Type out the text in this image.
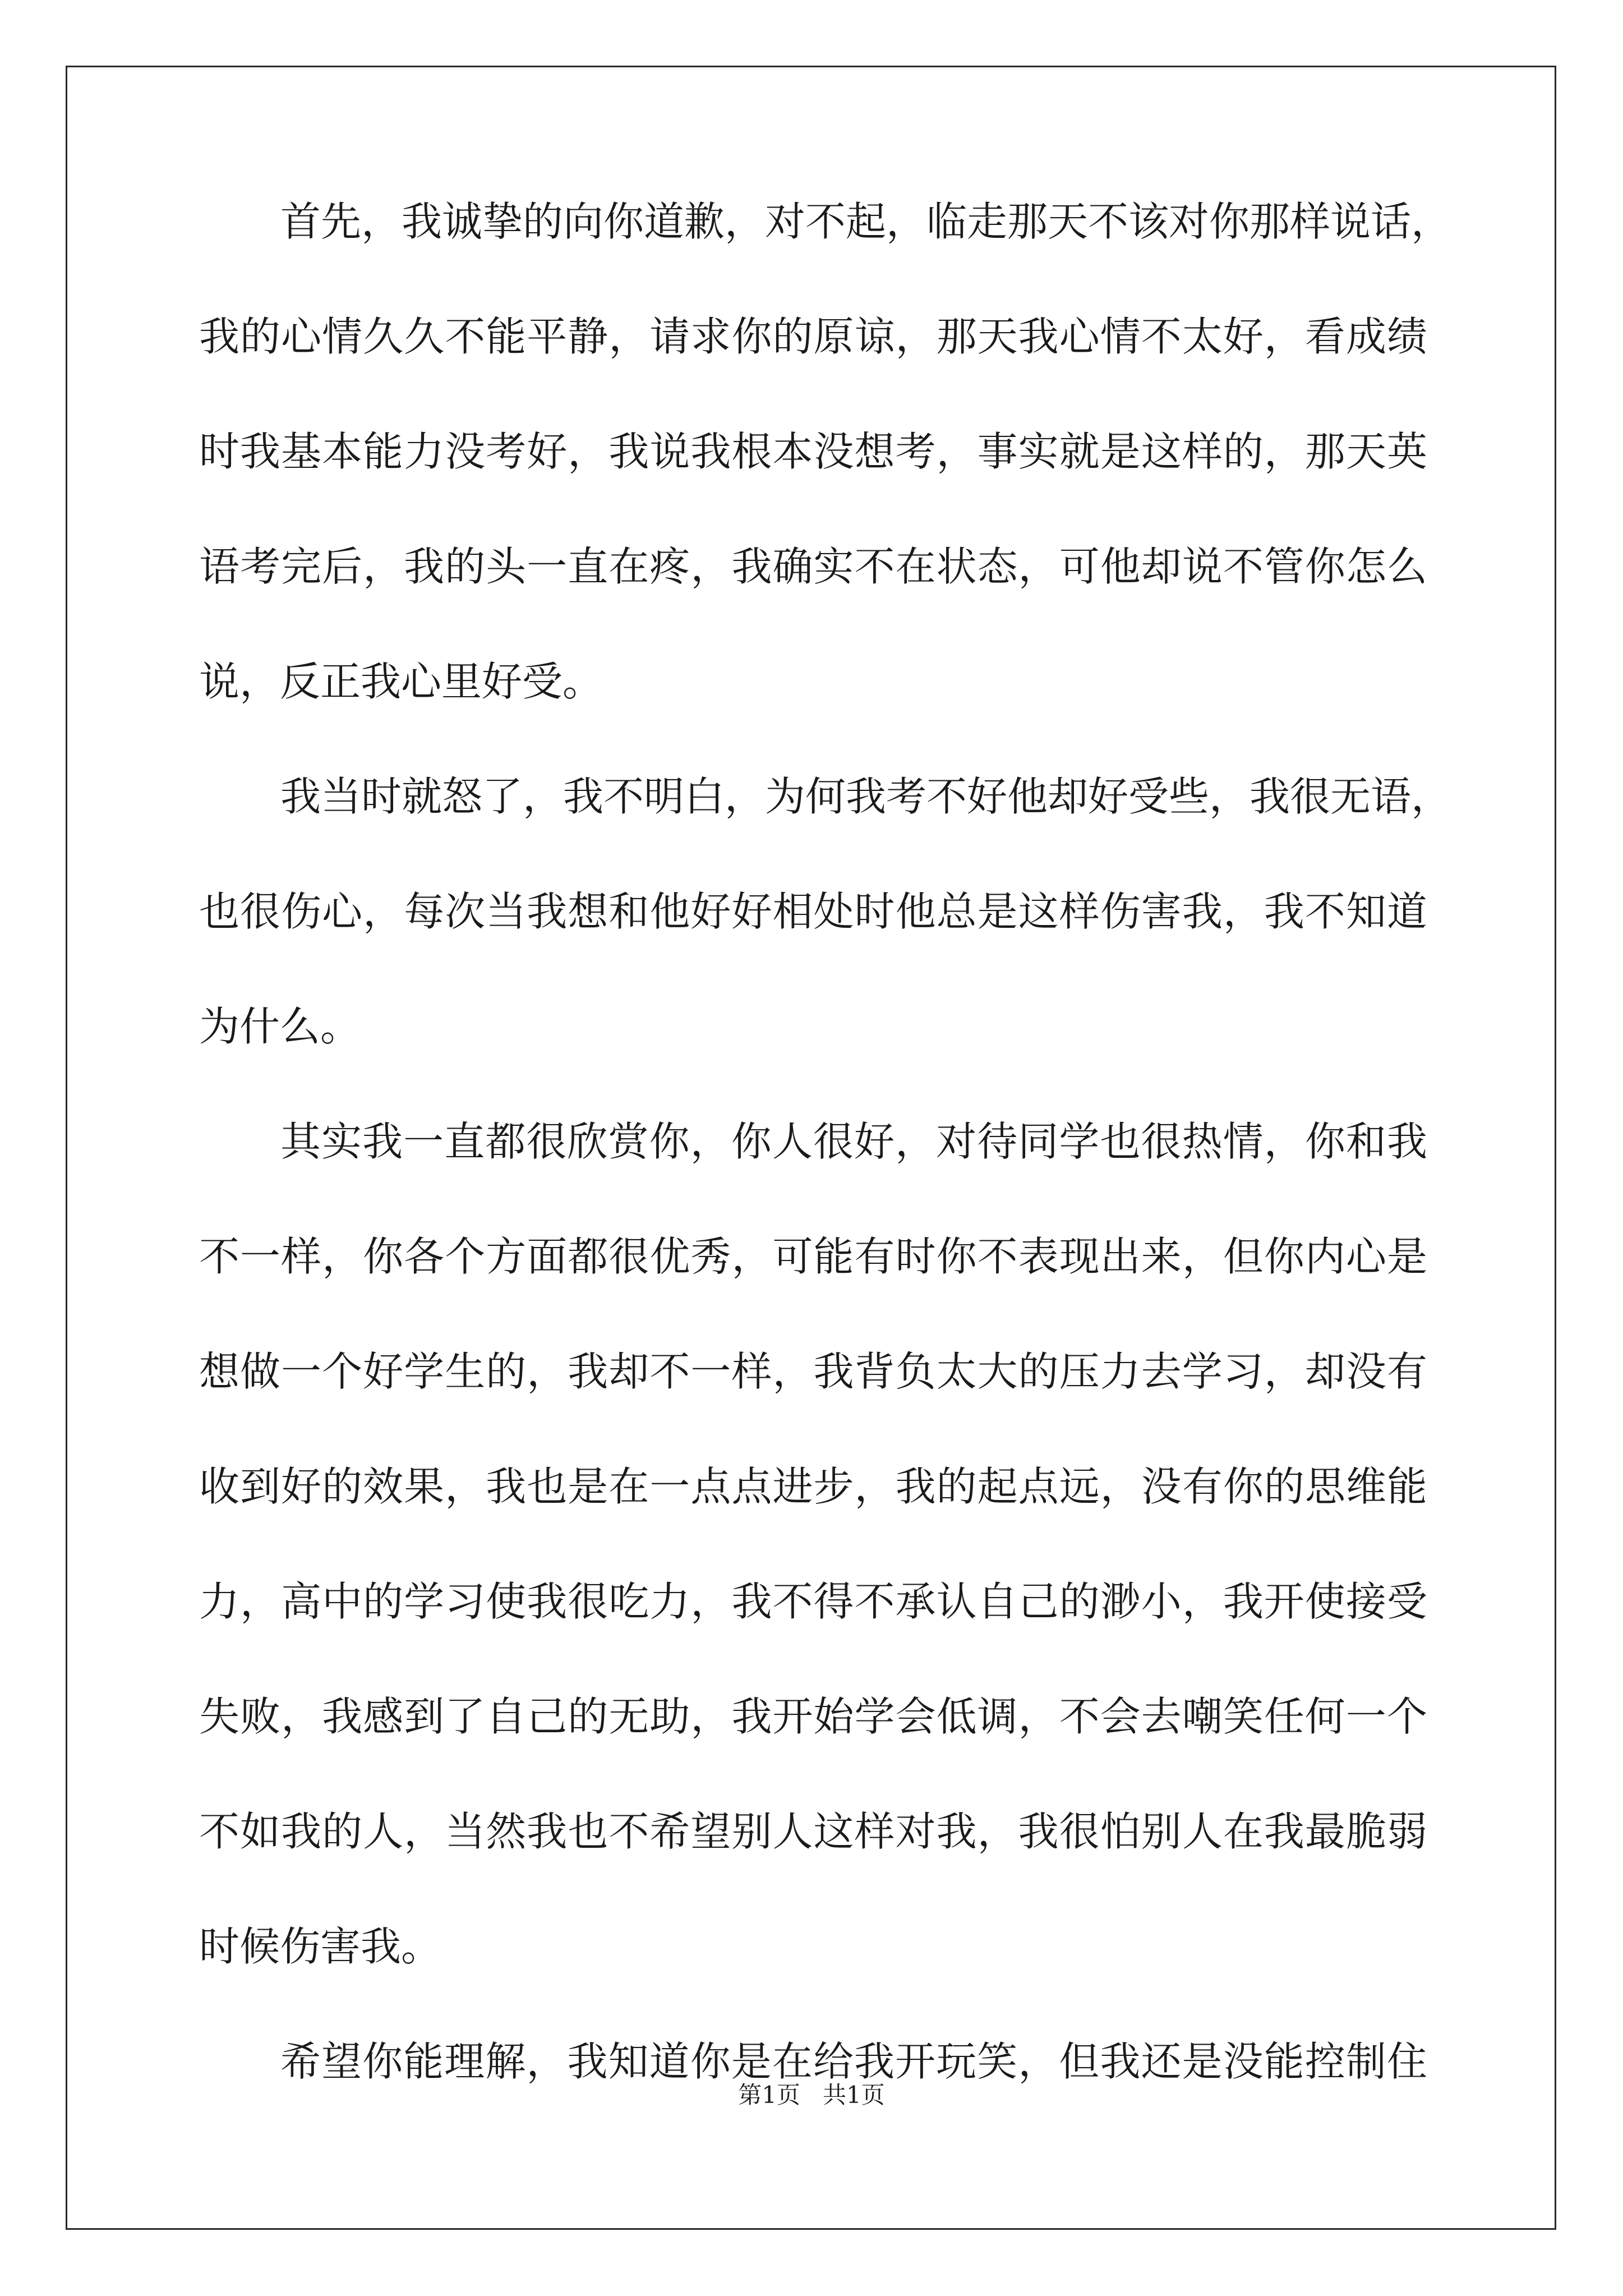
首先，我诚挚的向你道歉，对不起，临走那天不该对你那样说话，
我的心情久久不能平静，请求你的原谅，那天我心情不太好，看成绩
时我基本能力没考好，我说我根本没想考，事实就是这样的，那天英
语考完后，我的头一直在疼，我确实不在状态，可他却说不管你怎么
说，反正我心里好受。
我当时就怒了，我不明白，为何我考不好他却好受些，我很无语，
也很伤心，每次当我想和他好好相处时他总是这样伤害我，我不知道
为什么。
其实我一直都很欣赏你，你人很好，对待同学也很热情，你和我
不一样，你各个方面都很优秀，可能有时你不表现出来，但你内心是
想做一个好学生的，我却不一样，我背负太大的压力去学习，却没有
收到好的效果，我也是在一点点进步，我的起点远，没有你的思维能
力，高中的学习使我很吃力，我不得不承认自己的渺小，我开使接受
失败，我感到了自己的无助，我开始学会低调，不会去嘲笑任何一个
不如我的人，当然我也不希望别人这样对我，我很怕别人在我最脆弱
时候伤害我。
希望你能理解，我知道你是在给我开玩笑，但我还是没能控制住
第1页   共1页
